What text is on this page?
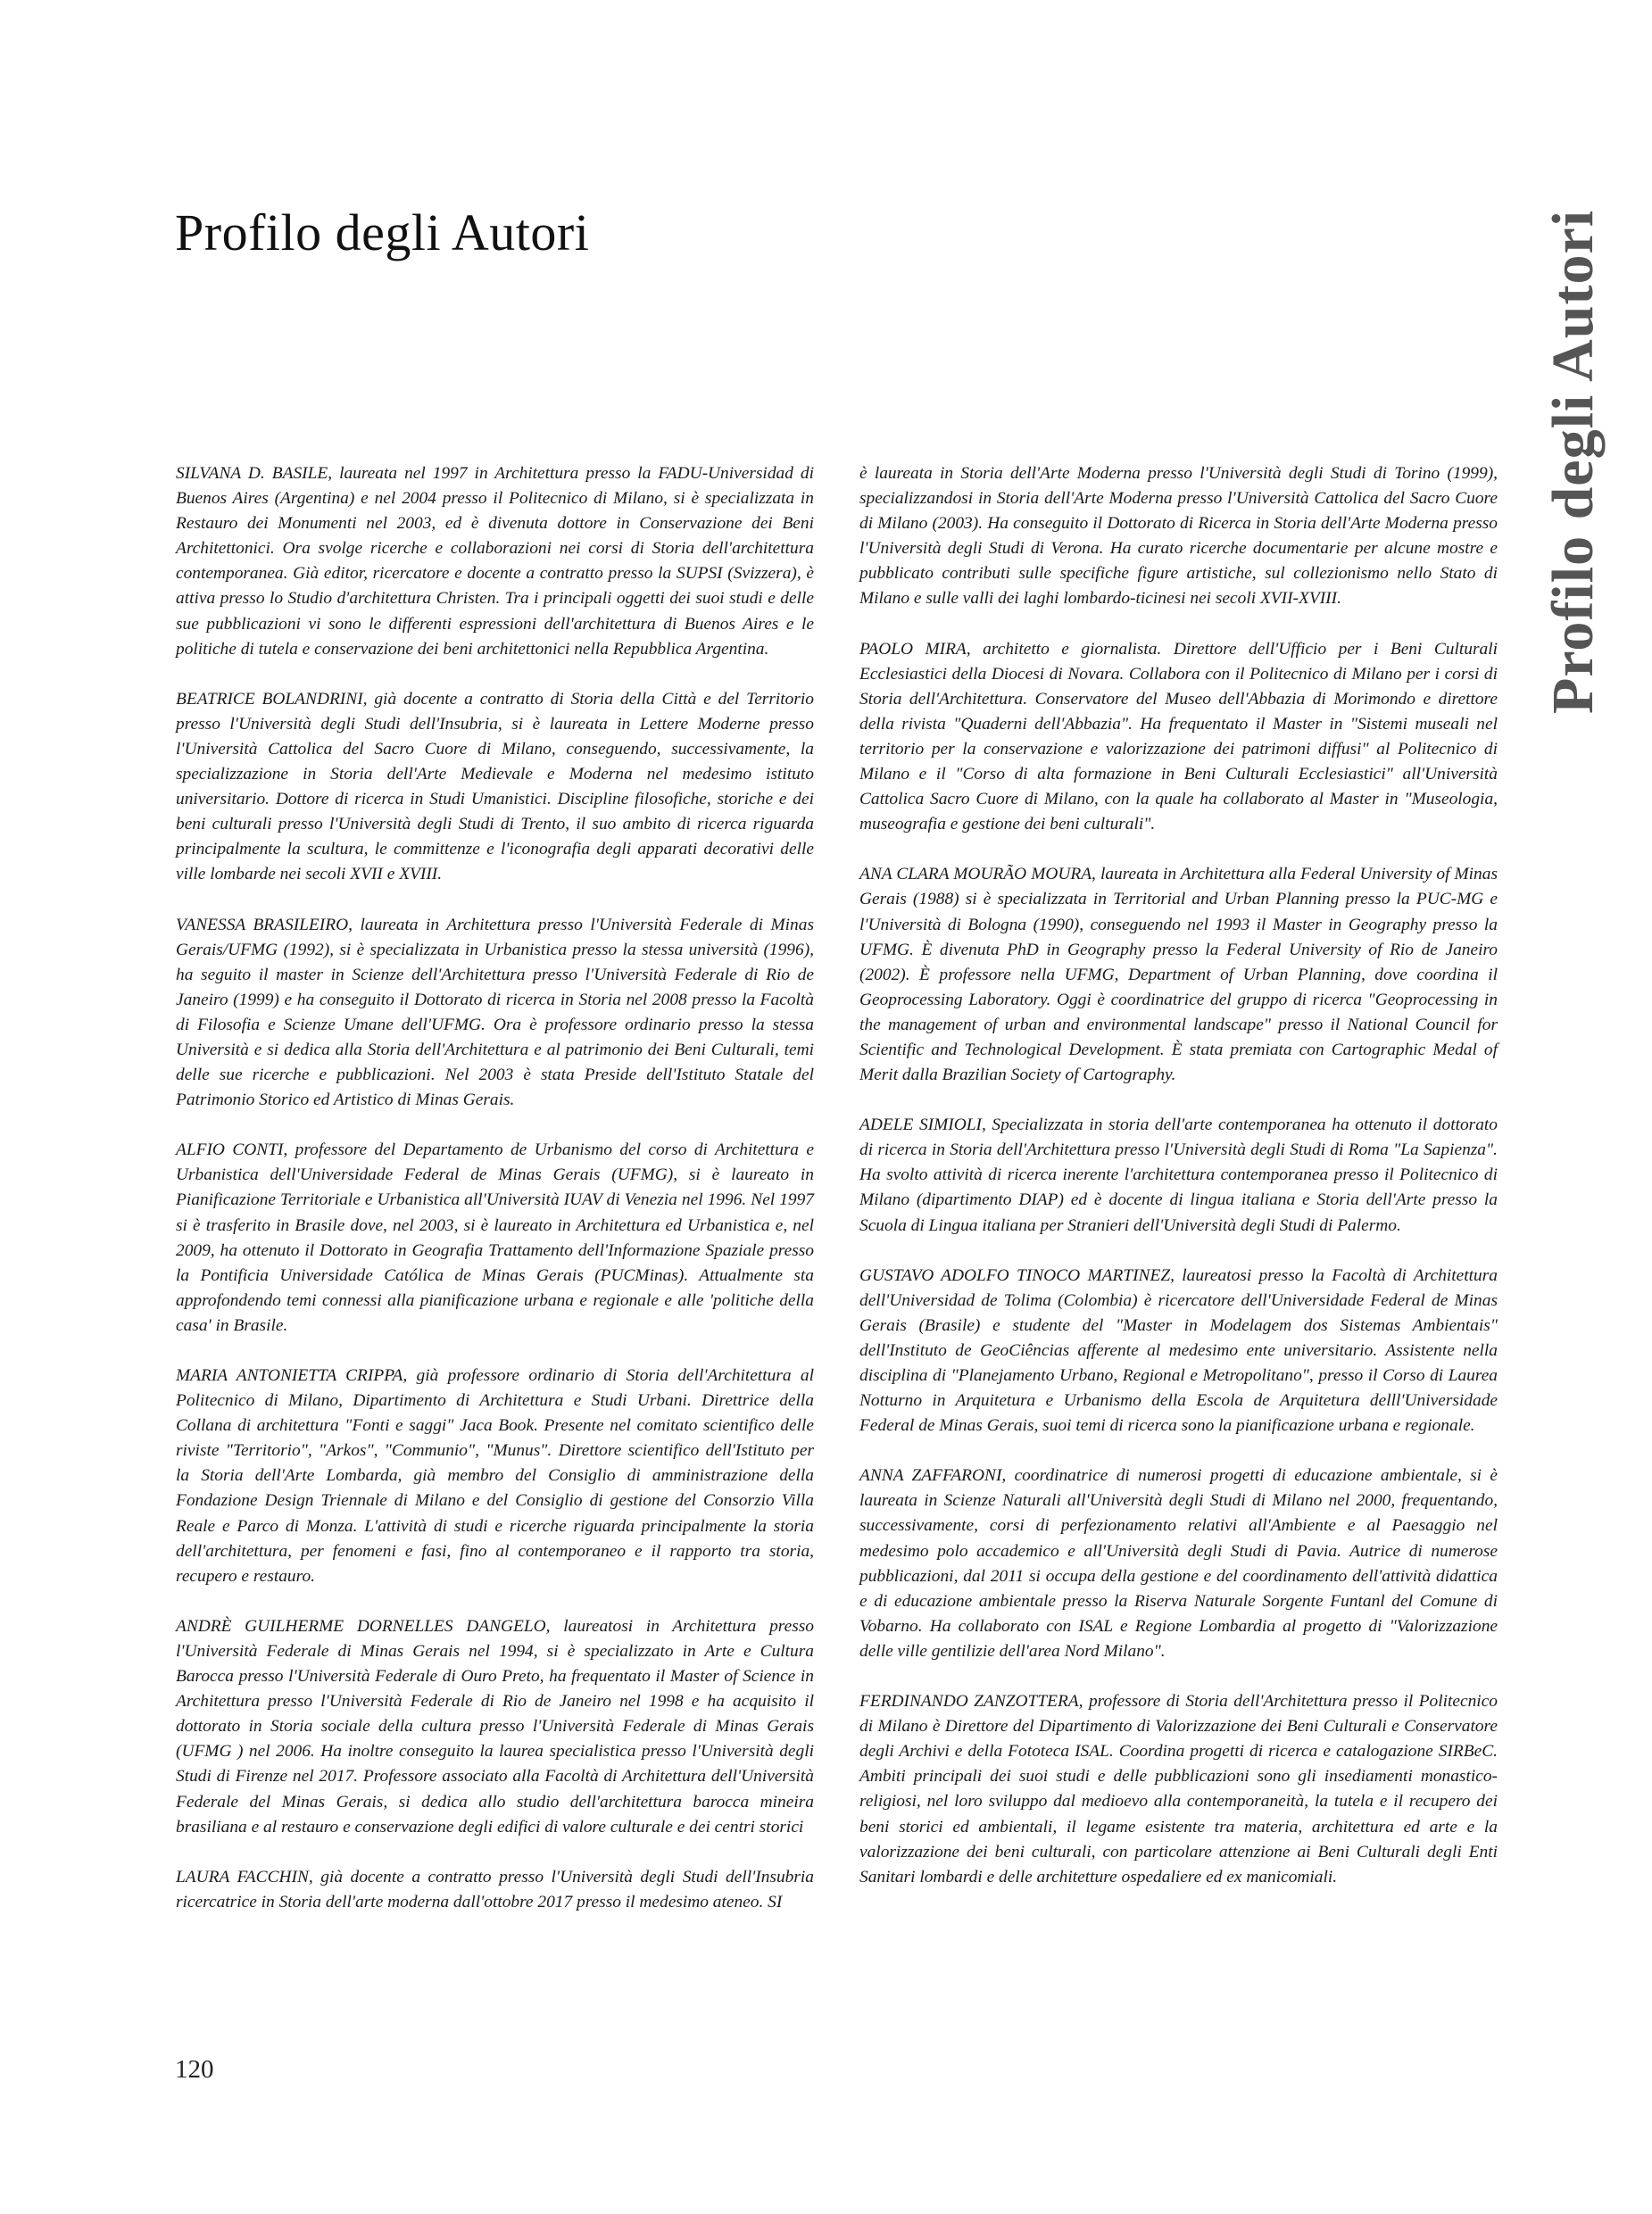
Profilo degli Autori	Profilo degli Autori

SILVANA D. BASILE, laureata nel 1997 in Architettura presso la FADU-Universidad di Buenos Aires (Argentina) e nel 2004 presso il Politecnico di Milano, si è specializzata in Restauro dei Monumenti nel 2003, ed è divenuta dottore in Conservazione dei Beni Architettonici. Ora svolge ricerche e collaborazioni nei corsi di Storia dell'architettura contemporanea. Già editor, ricercatore e docente a contratto presso la SUPSI (Svizzera), è attiva presso lo Studio d'architettura Christen. Tra i principali oggetti dei suoi studi e delle sue pubblicazioni vi sono le differenti espressioni dell'architettura di Buenos Aires e le politiche di tutela e conservazione dei beni architettonici nella Repubblica Argentina.

BEATRICE BOLANDRINI, già docente a contratto di Storia della Città e del Territorio presso l'Università degli Studi dell'Insubria, si è laureata in Lettere Moderne presso l'Università Cattolica del Sacro Cuore di Milano, conseguendo, successivamente, la specializzazione in Storia dell'Arte Medievale e Moderna nel medesimo istituto universitario. Dottore di ricerca in Studi Umanistici. Discipline filosofiche, storiche e dei beni culturali presso l'Università degli Studi di Trento, il suo ambito di ricerca riguarda principalmente la scultura, le committenze e l'iconografia degli apparati decorativi delle ville lombarde nei secoli XVII e XVIII.

VANESSA BRASILEIRO, laureata in Architettura presso l'Università Federale di Minas Gerais/UFMG (1992), si è specializzata in Urbanistica presso la stessa università (1996), ha seguito il master in Scienze dell'Architettura presso l'Università Federale di Rio de Janeiro (1999) e ha conseguito il Dottorato di ricerca in Storia nel 2008 presso la Facoltà di Filosofia e Scienze Umane dell'UFMG. Ora è professore ordinario presso la stessa Università e si dedica alla Storia dell'Architettura e al patrimonio dei Beni Culturali, temi delle sue ricerche e pubblicazioni. Nel 2003 è stata Preside dell'Istituto Statale del Patrimonio Storico ed Artistico di Minas Gerais.

ALFIO CONTI, professore del Departamento de Urbanismo del corso di Architettura e Urbanistica dell'Universidade Federal de Minas Gerais (UFMG), si è laureato in Pianificazione Territoriale e Urbanistica all'Università IUAV di Venezia nel 1996. Nel 1997 si è trasferito in Brasile dove, nel 2003, si è laureato in Architettura ed Urbanistica e, nel 2009, ha ottenuto il Dottorato in Geografia Trattamento dell'Informazione Spaziale presso la Pontificia Universidade Católica de Minas Gerais (PUCMinas). Attualmente sta approfondendo temi connessi alla pianificazione urbana e regionale e alle 'politiche della casa' in Brasile.

MARIA ANTONIETTA CRIPPA, già professore ordinario di Storia dell'Architettura al Politecnico di Milano, Dipartimento di Architettura e Studi Urbani. Direttrice della Collana di architettura "Fonti e saggi" Jaca Book. Presente nel comitato scientifico delle riviste "Territorio", "Arkos", "Communio", "Munus". Direttore scientifico dell'Istituto per la Storia dell'Arte Lombarda, già membro del Consiglio di amministrazione della Fondazione Design Triennale di Milano e del Consiglio di gestione del Consorzio Villa Reale e Parco di Monza. L'attività di studi e ricerche riguarda principalmente la storia dell'architettura, per fenomeni e fasi, fino al contemporaneo e il rapporto tra storia, recupero e restauro.

ANDRÈ GUILHERME DORNELLES DANGELO, laureatosi in Architettura presso l'Università Federale di Minas Gerais nel 1994, si è specializzato in Arte e Cultura Barocca presso l'Università Federale di Ouro Preto, ha frequentato il Master of Science in Architettura presso l'Università Federale di Rio de Janeiro nel 1998 e ha acquisito il dottorato in Storia sociale della cultura presso l'Università Federale di Minas Gerais (UFMG ) nel 2006. Ha inoltre conseguito la laurea specialistica presso l'Università degli Studi di Firenze nel 2017. Professore associato alla Facoltà di Architettura dell'Università Federale del Minas Gerais, si dedica allo studio dell'architettura barocca mineira brasiliana e al restauro e conservazione degli edifici di valore culturale e dei centri storici

LAURA FACCHIN, già docente a contratto presso l'Università degli Studi dell'Insubria ricercatrice in Storia dell'arte moderna dall'ottobre 2017 presso il medesimo ateneo. SI

è laureata in Storia dell'Arte Moderna presso l'Università degli Studi di Torino (1999), specializzandosi in Storia dell'Arte Moderna presso l'Università Cattolica del Sacro Cuore di Milano (2003). Ha conseguito il Dottorato di Ricerca in Storia dell'Arte Moderna presso l'Università degli Studi di Verona. Ha curato ricerche documentarie per alcune mostre e pubblicato contributi sulle specifiche figure artistiche, sul collezionismo nello Stato di Milano e sulle valli dei laghi lombardo-ticinesi nei secoli XVII-XVIII.

PAOLO MIRA, architetto e giornalista. Direttore dell'Ufficio per i Beni Culturali Ecclesiastici della Diocesi di Novara. Collabora con il Politecnico di Milano per i corsi di Storia dell'Architettura. Conservatore del Museo dell'Abbazia di Morimondo e direttore della rivista "Quaderni dell'Abbazia". Ha frequentato il Master in "Sistemi museali nel territorio per la conservazione e valorizzazione dei patrimoni diffusi" al Politecnico di Milano e il "Corso di alta formazione in Beni Culturali Ecclesiastici" all'Università Cattolica Sacro Cuore di Milano, con la quale ha collaborato al Master in "Museologia, museografia e gestione dei beni culturali".

ANA CLARA MOURÃO MOURA, laureata in Architettura alla Federal University of Minas Gerais (1988) si è specializzata in Territorial and Urban Planning presso la PUC-MG e l'Università di Bologna (1990), conseguendo nel 1993 il Master in Geography presso la UFMG. È divenuta PhD in Geography presso la Federal University of Rio de Janeiro (2002). È professore nella UFMG, Department of Urban Planning, dove coordina il Geoprocessing Laboratory. Oggi è coordinatrice del gruppo di ricerca "Geoprocessing in the management of urban and environmental landscape" presso il National Council for Scientific and Technological Development. È stata premiata con Cartographic Medal of Merit dalla Brazilian Society of Cartography.

ADELE SIMIOLI, Specializzata in storia dell'arte contemporanea ha ottenuto il dottorato di ricerca in Storia dell'Architettura presso l'Università degli Studi di Roma "La Sapienza". Ha svolto attività di ricerca inerente l'architettura contemporanea presso il Politecnico di Milano (dipartimento DIAP) ed è docente di lingua italiana e Storia dell'Arte presso la Scuola di Lingua italiana per Stranieri dell'Università degli Studi di Palermo.

GUSTAVO ADOLFO TINOCO MARTINEZ, laureatosi presso la Facoltà di Architettura dell'Universidad de Tolima (Colombia) è ricercatore dell'Universidade Federal de Minas Gerais (Brasile) e studente del "Master in Modelagem dos Sistemas Ambientais" dell'Instituto de GeoCiências afferente al medesimo ente universitario. Assistente nella disciplina di "Planejamento Urbano, Regional e Metropolitano", presso il Corso di Laurea Notturno in Arquitetura e Urbanismo della Escola de Arquitetura delll'Universidade Federal de Minas Gerais, suoi temi di ricerca sono la pianificazione urbana e regionale.

ANNA ZAFFARONI, coordinatrice di numerosi progetti di educazione ambientale, si è laureata in Scienze Naturali all'Università degli Studi di Milano nel 2000, frequentando, successivamente, corsi di perfezionamento relativi all'Ambiente e al Paesaggio nel medesimo polo accademico e all'Università degli Studi di Pavia. Autrice di numerose pubblicazioni, dal 2011 si occupa della gestione e del coordinamento dell'attività didattica e di educazione ambientale presso la Riserva Naturale Sorgente Funtanl del Comune di Vobarno. Ha collaborato con ISAL e Regione Lombardia al progetto di "Valorizzazione delle ville gentilizie dell'area Nord Milano".

FERDINANDO ZANZOTTERA, professore di Storia dell'Architettura presso il Politecnico di Milano è Direttore del Dipartimento di Valorizzazione dei Beni Culturali e Conservatore degli Archivi e della Fototeca ISAL. Coordina progetti di ricerca e catalogazione SIRBeC. Ambiti principali dei suoi studi e delle pubblicazioni sono gli insediamenti monastico-religiosi, nel loro sviluppo dal medioevo alla contemporaneità, la tutela e il recupero dei beni storici ed ambientali, il legame esistente tra materia, architettura ed arte e la valorizzazione dei beni culturali, con particolare attenzione ai Beni Culturali degli Enti Sanitari lombardi e delle architetture ospedaliere ed ex manicomiali.

120
